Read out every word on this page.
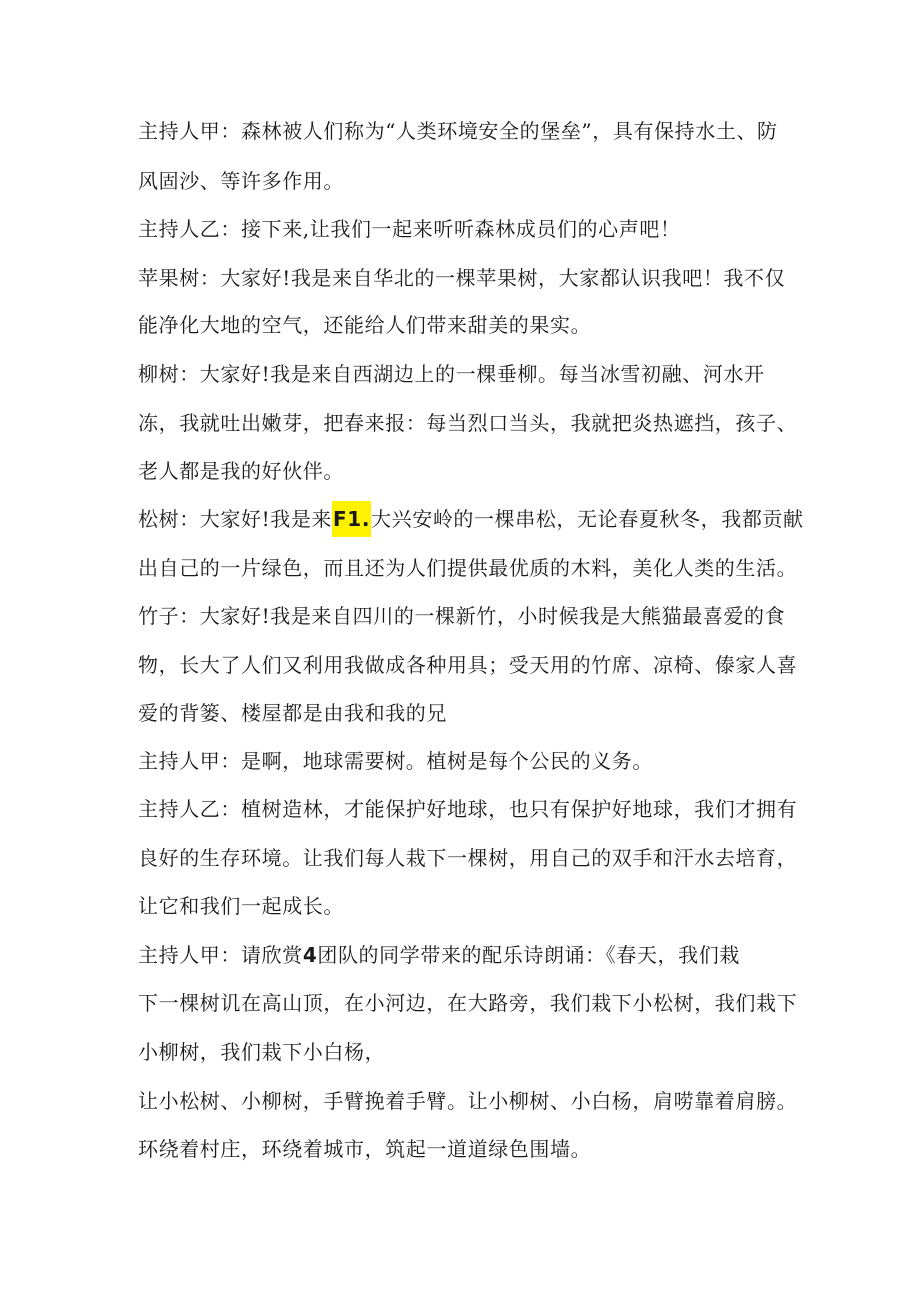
主持人甲：森林被人们称为“人类环境安全的堡垒”，具有保持水土、防
风固沙、等许多作用。
主持人乙：接下来,让我们一起来听听森林成员们的心声吧！
苹果树：大家好!我是来自华北的一棵苹果树，大家都认识我吧！我不仅
能净化大地的空气，还能给人们带来甜美的果实。
柳树：大家好!我是来自西湖边上的一棵垂柳。每当冰雪初融、河水开
冻，我就吐出嫩芽，把春来报：每当烈口当头，我就把炎热遮挡，孩子、
老人都是我的好伙伴。
松树：大家好!我是来F1.大兴安岭的一棵串松，无论春夏秋冬，我都贡献
出自己的一片绿色，而且还为人们提供最优质的木料，美化人类的生活。
竹子：大家好!我是来自四川的一棵新竹，小时候我是大熊猫最喜爱的食
物，长大了人们又利用我做成各种用具；受天用的竹席、凉椅、傣家人喜
爱的背篓、楼屋都是由我和我的兄
主持人甲：是啊，地球需要树。植树是每个公民的义务。
主持人乙：植树造林，才能保护好地球，也只有保护好地球，我们才拥有
良好的生存环境。让我们每人栽下一棵树，用自己的双手和汗水去培育，
让它和我们一起成长。
主持人甲：请欣赏4团队的同学带来的配乐诗朗诵：《春天，我们栽
下一棵树讥在高山顶，在小河边，在大路旁，我们栽下小松树，我们栽下
小柳树，我们栽下小白杨，
让小松树、小柳树，手臂挽着手臂。让小柳树、小白杨，肩唠靠着肩膀。
环绕着村庄，环绕着城市，筑起一道道绿色围墙。
